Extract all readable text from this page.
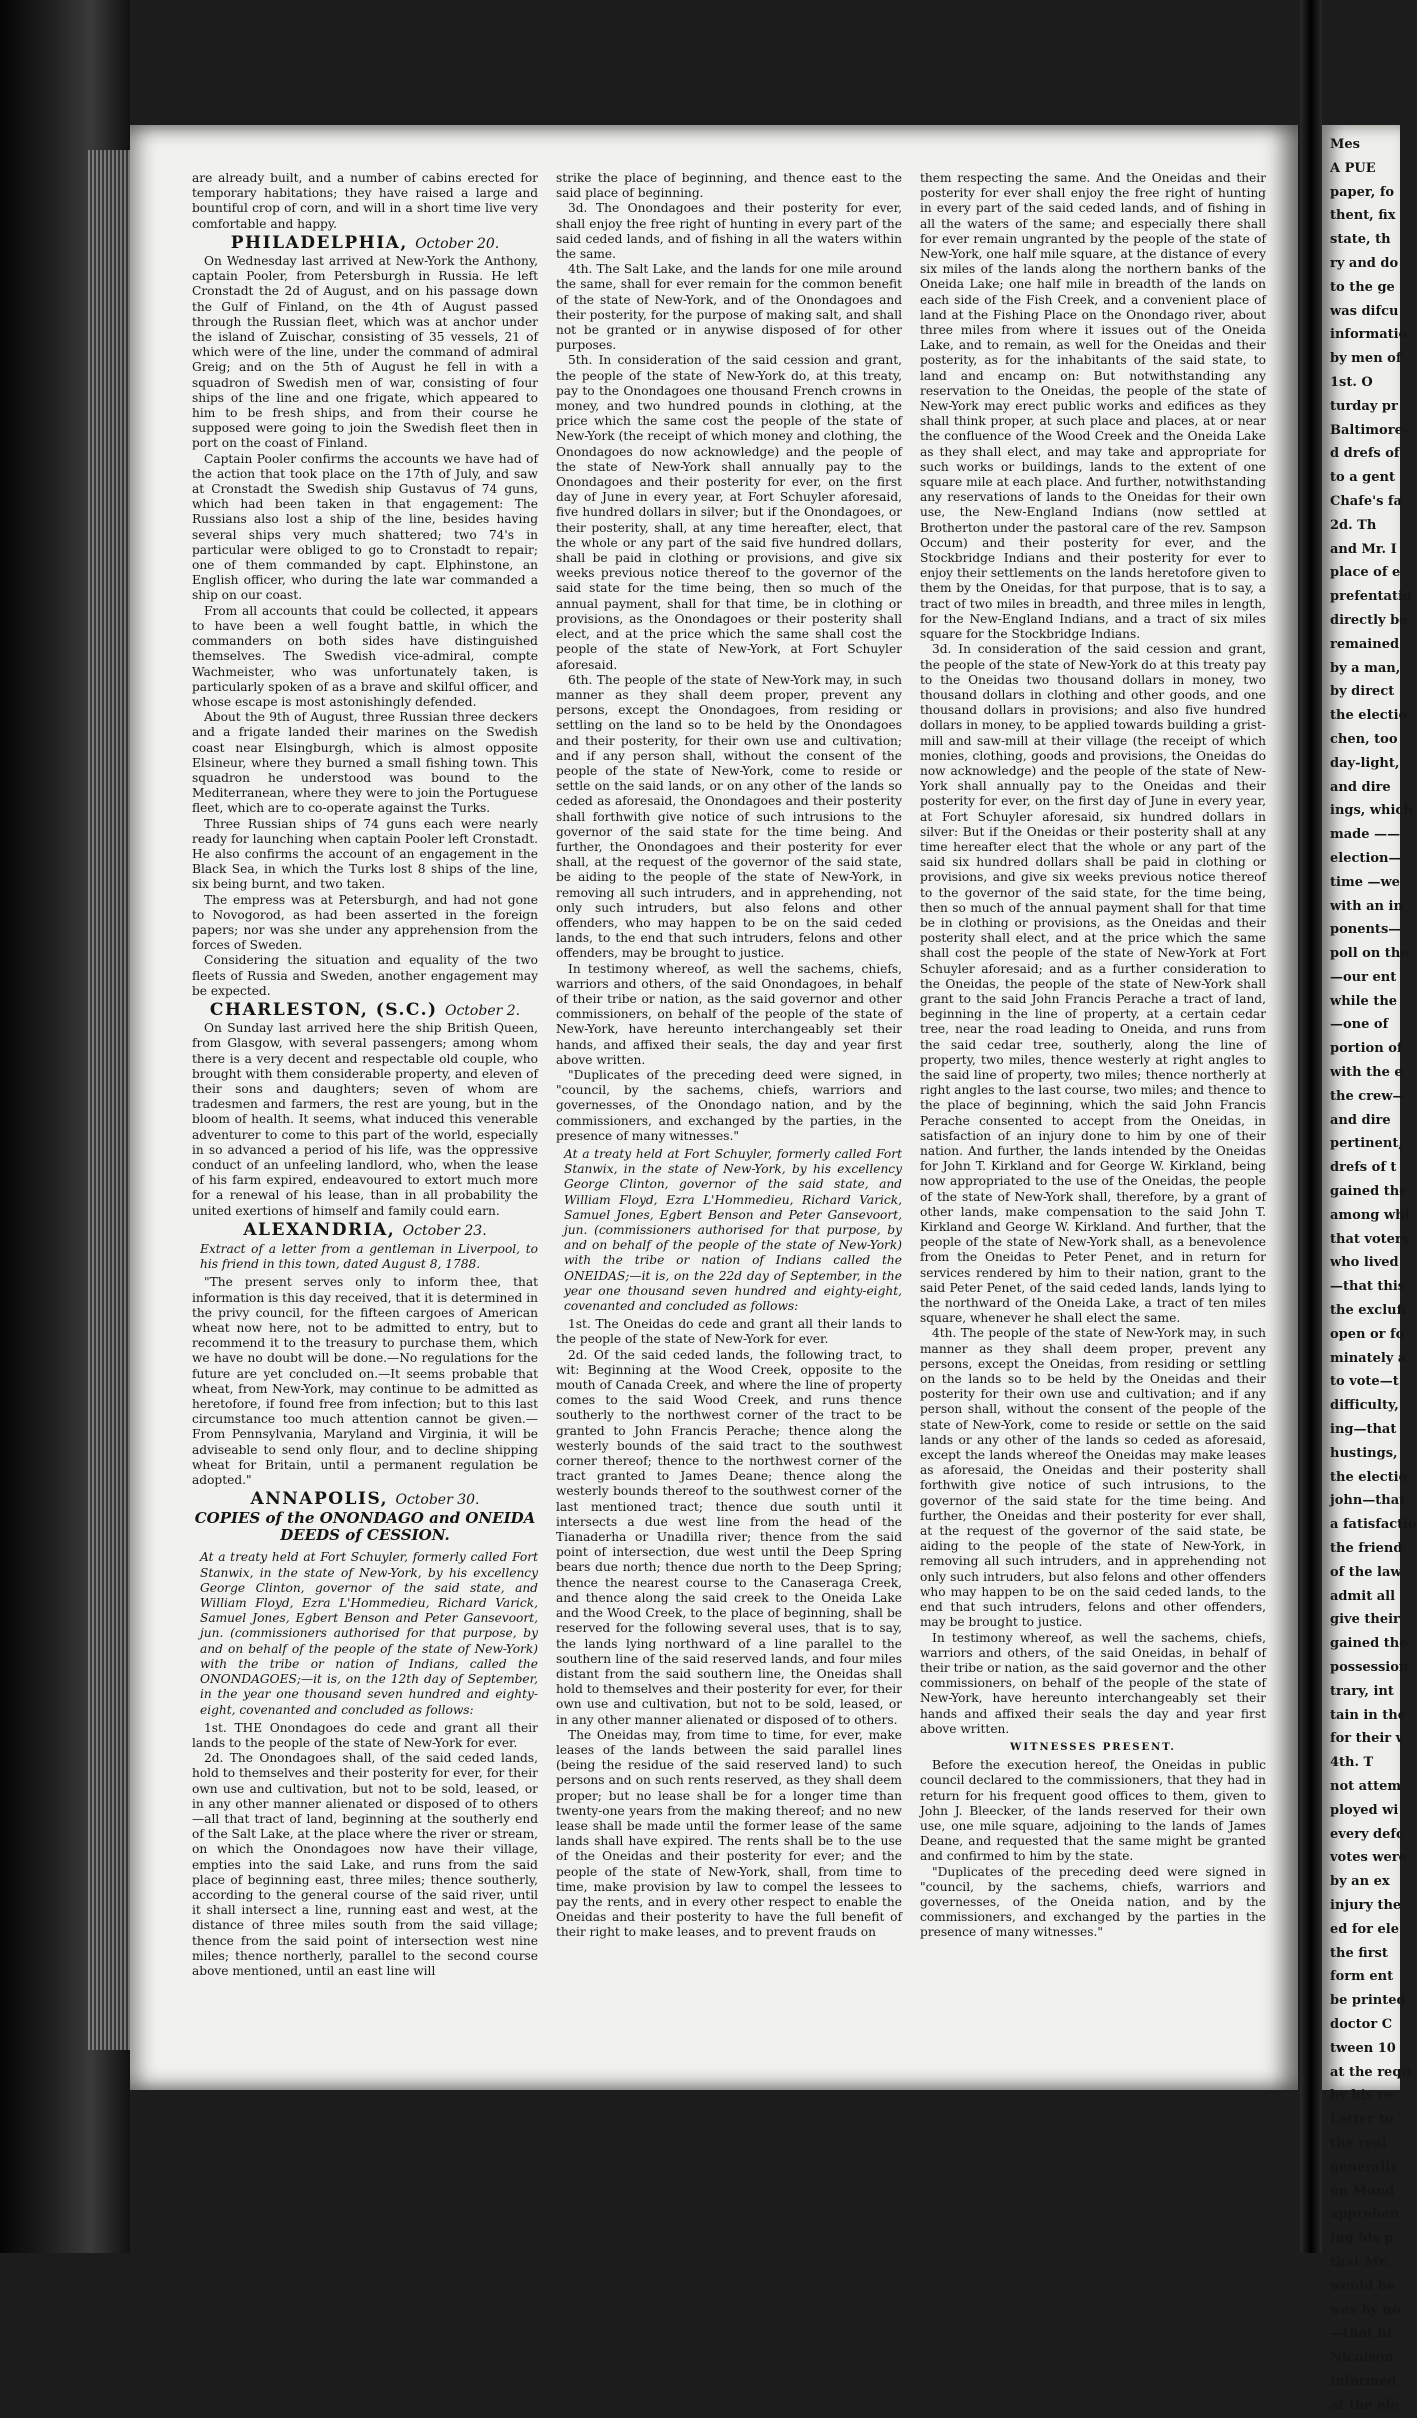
are already built, and a number of cabins erected for temporary habitations; they have raised a large and bountiful crop of corn, and will in a short time live very comfortable and happy.

PHILADELPHIA, October 20.

On Wednesday last arrived at New-York the Anthony, captain Pooler, from Petersburgh in Russia. He left Cronstadt the 2d of August, and on his passage down the Gulf of Finland, on the 4th of August passed through the Russian fleet, which was at anchor under the island of Zuischar, consisting of 35 vessels, 21 of which were of the line, under the command of admiral Greig; and on the 5th of August he fell in with a squadron of Swedish men of war, consisting of four ships of the line and one frigate, which appeared to him to be fresh ships, and from their course he supposed were going to join the Swedish fleet then in port on the coast of Finland.

Captain Pooler confirms the accounts we have had of the action that took place on the 17th of July, and saw at Cronstadt the Swedish ship Gustavus of 74 guns, which had been taken in that engagement: The Russians also lost a ship of the line, besides having several ships very much shattered; two 74's in particular were obliged to go to Cronstadt to repair; one of them commanded by capt. Elphinstone, an English officer, who during the late war commanded a ship on our coast.

From all accounts that could be collected, it appears to have been a well fought battle, in which the commanders on both sides have distinguished themselves. The Swedish vice-admiral, compte Wachmeister, who was unfortunately taken, is particularly spoken of as a brave and skilful officer, and whose escape is most astonishingly defended.

About the 9th of August, three Russian three deckers and a frigate landed their marines on the Swedish coast near Elsingburgh, which is almost opposite Elsineur, where they burned a small fishing town. This squadron he understood was bound to the Mediterranean, where they were to join the Portuguese fleet, which are to co-operate against the Turks.

Three Russian ships of 74 guns each were nearly ready for launching when captain Pooler left Cronstadt. He also confirms the account of an engagement in the Black Sea, in which the Turks lost 8 ships of the line, six being burnt, and two taken.

The empress was at Petersburgh, and had not gone to Novogorod, as had been asserted in the foreign papers; nor was she under any apprehension from the forces of Sweden.

Considering the situation and equality of the two fleets of Russia and Sweden, another engagement may be expected.

CHARLESTON, (S.C.) October 2.

On Sunday last arrived here the ship British Queen, from Glasgow, with several passengers; among whom there is a very decent and respectable old couple, who brought with them considerable property, and eleven of their sons and daughters; seven of whom are tradesmen and farmers, the rest are young, but in the bloom of health. It seems, what induced this venerable adventurer to come to this part of the world, especially in so advanced a period of his life, was the oppressive conduct of an unfeeling landlord, who, when the lease of his farm expired, endeavoured to extort much more for a renewal of his lease, than in all probability the united exertions of himself and family could earn.

ALEXANDRIA, October 23.

Extract of a letter from a gentleman in Liverpool, to his friend in this town, dated August 8, 1788.

"The present serves only to inform thee, that information is this day received, that it is determined in the privy council, for the fifteen cargoes of American wheat now here, not to be admitted to entry, but to recommend it to the treasury to purchase them, which we have no doubt will be done.—No regulations for the future are yet concluded on.—It seems probable that wheat, from New-York, may continue to be admitted as heretofore, if found free from infection; but to this last circumstance too much attention cannot be given.—From Pennsylvania, Maryland and Virginia, it will be adviseable to send only flour, and to decline shipping wheat for Britain, until a permanent regulation be adopted."

ANNAPOLIS, October 30.
COPIES of the ONONDAGO and ONEIDA DEEDS of CESSION.

At a treaty held at Fort Schuyler, formerly called Fort Stanwix, in the state of New-York, by his excellency George Clinton, governor of the said state, and William Floyd, Ezra L'Hommedieu, Richard Varick, Samuel Jones, Egbert Benson and Peter Gansevoort, jun. (commissioners authorised for that purpose, by and on behalf of the people of the state of New-York) with the tribe or nation of Indians, called the ONONDAGOES;—it is, on the 12th day of September, in the year one thousand seven hundred and eighty-eight, covenanted and concluded as follows:

1st. THE Onondagoes do cede and grant all their lands to the people of the state of New-York for ever.

2d. The Onondagoes shall, of the said ceded lands, hold to themselves and their posterity for ever, for their own use and cultivation, but not to be sold, leased, or in any other manner alienated or disposed of to others—all that tract of land, beginning at the southerly end of the Salt Lake, at the place where the river or stream, on which the Onondagoes now have their village, empties into the said Lake, and runs from the said place of beginning east, three miles; thence southerly, according to the general course of the said river, until it shall intersect a line, running east and west, at the distance of three miles south from the said village; thence from the said point of intersection west nine miles; thence northerly, parallel to the second course above mentioned, until an east line will

strike the place of beginning, and thence east to the said place of beginning.

3d. The Onondagoes and their posterity for ever, shall enjoy the free right of hunting in every part of the said ceded lands, and of fishing in all the waters within the same.

4th. The Salt Lake, and the lands for one mile around the same, shall for ever remain for the common benefit of the state of New-York, and of the Onondagoes and their posterity, for the purpose of making salt, and shall not be granted or in anywise disposed of for other purposes.

5th. In consideration of the said cession and grant, the people of the state of New-York do, at this treaty, pay to the Onondagoes one thousand French crowns in money, and two hundred pounds in clothing, at the price which the same cost the people of the state of New-York (the receipt of which money and clothing, the Onondagoes do now acknowledge) and the people of the state of New-York shall annually pay to the Onondagoes and their posterity for ever, on the first day of June in every year, at Fort Schuyler aforesaid, five hundred dollars in silver; but if the Onondagoes, or their posterity, shall, at any time hereafter, elect, that the whole or any part of the said five hundred dollars, shall be paid in clothing or provisions, and give six weeks previous notice thereof to the governor of the said state for the time being, then so much of the annual payment, shall for that time, be in clothing or provisions, as the Onondagoes or their posterity shall elect, and at the price which the same shall cost the people of the state of New-York, at Fort Schuyler aforesaid.

6th. The people of the state of New-York may, in such manner as they shall deem proper, prevent any persons, except the Onondagoes, from residing or settling on the land so to be held by the Onondagoes and their posterity, for their own use and cultivation; and if any person shall, without the consent of the people of the state of New-York, come to reside or settle on the said lands, or on any other of the lands so ceded as aforesaid, the Onondagoes and their posterity shall forthwith give notice of such intrusions to the governor of the said state for the time being. And further, the Onondagoes and their posterity for ever shall, at the request of the governor of the said state, be aiding to the people of the state of New-York, in removing all such intruders, and in apprehending, not only such intruders, but also felons and other offenders, who may happen to be on the said ceded lands, to the end that such intruders, felons and other offenders, may be brought to justice.

In testimony whereof, as well the sachems, chiefs, warriors and others, of the said Onondagoes, in behalf of their tribe or nation, as the said governor and other commissioners, on behalf of the people of the state of New-York, have hereunto interchangeably set their hands, and affixed their seals, the day and year first above written.

"Duplicates of the preceding deed were signed, in "council, by the sachems, chiefs, warriors and governesses, of the Onondago nation, and by the commissioners, and exchanged by the parties, in the presence of many witnesses."

At a treaty held at Fort Schuyler, formerly called Fort Stanwix, in the state of New-York, by his excellency George Clinton, governor of the said state, and William Floyd, Ezra L'Hommedieu, Richard Varick, Samuel Jones, Egbert Benson and Peter Gansevoort, jun. (commissioners authorised for that purpose, by and on behalf of the people of the state of New-York) with the tribe or nation of Indians called the ONEIDAS;—it is, on the 22d day of September, in the year one thousand seven hundred and eighty-eight, covenanted and concluded as follows:

1st. The Oneidas do cede and grant all their lands to the people of the state of New-York for ever.

2d. Of the said ceded lands, the following tract, to wit: Beginning at the Wood Creek, opposite to the mouth of Canada Creek, and where the line of property comes to the said Wood Creek, and runs thence southerly to the northwest corner of the tract to be granted to John Francis Perache; thence along the westerly bounds of the said tract to the southwest corner thereof; thence to the northwest corner of the tract granted to James Deane; thence along the westerly bounds thereof to the southwest corner of the last mentioned tract; thence due south until it intersects a due west line from the head of the Tianaderha or Unadilla river; thence from the said point of intersection, due west until the Deep Spring bears due north; thence due north to the Deep Spring; thence the nearest course to the Canaseraga Creek, and thence along the said creek to the Oneida Lake and the Wood Creek, to the place of beginning, shall be reserved for the following several uses, that is to say, the lands lying northward of a line parallel to the southern line of the said reserved lands, and four miles distant from the said southern line, the Oneidas shall hold to themselves and their posterity for ever, for their own use and cultivation, but not to be sold, leased, or in any other manner alienated or disposed of to others.

The Oneidas may, from time to time, for ever, make leases of the lands between the said parallel lines (being the residue of the said reserved land) to such persons and on such rents reserved, as they shall deem proper; but no lease shall be for a longer time than twenty-one years from the making thereof; and no new lease shall be made until the former lease of the same lands shall have expired. The rents shall be to the use of the Oneidas and their posterity for ever; and the people of the state of New-York, shall, from time to time, make provision by law to compel the lessees to pay the rents, and in every other respect to enable the Oneidas and their posterity to have the full benefit of their right to make leases, and to prevent frauds on

them respecting the same. And the Oneidas and their posterity for ever shall enjoy the free right of hunting in every part of the said ceded lands, and of fishing in all the waters of the same; and especially there shall for ever remain ungranted by the people of the state of New-York, one half mile square, at the distance of every six miles of the lands along the northern banks of the Oneida Lake; one half mile in breadth of the lands on each side of the Fish Creek, and a convenient place of land at the Fishing Place on the Onondago river, about three miles from where it issues out of the Oneida Lake, and to remain, as well for the Oneidas and their posterity, as for the inhabitants of the said state, to land and encamp on: But notwithstanding any reservation to the Oneidas, the people of the state of New-York may erect public works and edifices as they shall think proper, at such place and places, at or near the confluence of the Wood Creek and the Oneida Lake as they shall elect, and may take and appropriate for such works or buildings, lands to the extent of one square mile at each place. And further, notwithstanding any reservations of lands to the Oneidas for their own use, the New-England Indians (now settled at Brotherton under the pastoral care of the rev. Sampson Occum) and their posterity for ever, and the Stockbridge Indians and their posterity for ever to enjoy their settlements on the lands heretofore given to them by the Oneidas, for that purpose, that is to say, a tract of two miles in breadth, and three miles in length, for the New-England Indians, and a tract of six miles square for the Stockbridge Indians.

3d. In consideration of the said cession and grant, the people of the state of New-York do at this treaty pay to the Oneidas two thousand dollars in money, two thousand dollars in clothing and other goods, and one thousand dollars in provisions; and also five hundred dollars in money, to be applied towards building a grist-mill and saw-mill at their village (the receipt of which monies, clothing, goods and provisions, the Oneidas do now acknowledge) and the people of the state of New-York shall annually pay to the Oneidas and their posterity for ever, on the first day of June in every year, at Fort Schuyler aforesaid, six hundred dollars in silver: But if the Oneidas or their posterity shall at any time hereafter elect that the whole or any part of the said six hundred dollars shall be paid in clothing or provisions, and give six weeks previous notice thereof to the governor of the said state, for the time being, then so much of the annual payment shall for that time be in clothing or provisions, as the Oneidas and their posterity shall elect, and at the price which the same shall cost the people of the state of New-York at Fort Schuyler aforesaid; and as a further consideration to the Oneidas, the people of the state of New-York shall grant to the said John Francis Perache a tract of land, beginning in the line of property, at a certain cedar tree, near the road leading to Oneida, and runs from the said cedar tree, southerly, along the line of property, two miles, thence westerly at right angles to the said line of property, two miles; thence northerly at right angles to the last course, two miles; and thence to the place of beginning, which the said John Francis Perache consented to accept from the Oneidas, in satisfaction of an injury done to him by one of their nation. And further, the lands intended by the Oneidas for John T. Kirkland and for George W. Kirkland, being now appropriated to the use of the Oneidas, the people of the state of New-York shall, therefore, by a grant of other lands, make compensation to the said John T. Kirkland and George W. Kirkland. And further, that the people of the state of New-York shall, as a benevolence from the Oneidas to Peter Penet, and in return for services rendered by him to their nation, grant to the said Peter Penet, of the said ceded lands, lands lying to the northward of the Oneida Lake, a tract of ten miles square, whenever he shall elect the same.

4th. The people of the state of New-York may, in such manner as they shall deem proper, prevent any persons, except the Oneidas, from residing or settling on the lands so to be held by the Oneidas and their posterity for their own use and cultivation; and if any person shall, without the consent of the people of the state of New-York, come to reside or settle on the said lands or any other of the lands so ceded as aforesaid, except the lands whereof the Oneidas may make leases as aforesaid, the Oneidas and their posterity shall forthwith give notice of such intrusions, to the governor of the said state for the time being. And further, the Oneidas and their posterity for ever shall, at the request of the governor of the said state, be aiding to the people of the state of New-York, in removing all such intruders, and in apprehending not only such intruders, but also felons and other offenders who may happen to be on the said ceded lands, to the end that such intruders, felons and other offenders, may be brought to justice.

In testimony whereof, as well the sachems, chiefs, warriors and others, of the said Oneidas, in behalf of their tribe or nation, as the said governor and the other commissioners, on behalf of the people of the state of New-York, have hereunto interchangeably set their hands and affixed their seals the day and year first above written.

WITNESSES PRESENT.

Before the execution hereof, the Oneidas in public council declared to the commissioners, that they had in return for his frequent good offices to them, given to John J. Bleecker, of the lands reserved for their own use, one mile square, adjoining to the lands of James Deane, and requested that the same might be granted and confirmed to him by the state.

"Duplicates of the preceding deed were signed in "council, by the sachems, chiefs, warriors and governesses, of the Oneida nation, and by the commissioners, and exchanged by the parties in the presence of many witnesses."

Mes
A PUE
paper, fo
thent, fix
state, th
ry and do
to the ge
was difcu
informatio
by men of
1st. O
turday pr
Baltimore-
d drefs of
to a gent
Chafe's fa
2d. Th
and Mr. I
place of e
prefentatio
directly be
remained
by a man,
by direct
the electio
chen, too
day-light,
and dire
ings, which
made ——
election—
time —we
with an in
ponents—
poll on the
—our ent
while the
—one of
portion of
with the e
the crew—
and dire
pertinent,
drefs of t
gained the
among whi
that voters
who lived
—that this
the exclufi
open or fo
minately a
to vote—t
difficulty,
ing—that
hustings,
the electio
john—that
a fatisfactio
the friend
of the law
admit all
give their
gained the
possession
trary, int
tain in the
for their v
4th. T
not attem
ployed wi
every defc
votes were
by an ex
injury the
ed for ele
the first
form ent
be printed
doctor C
tween 10
at the requ
by his re
Letter to
the real
generally
on Mond
apprehen
ing his p
that Mr.
would be
was by no
—that hi
Nicolson
informed
at the ele
